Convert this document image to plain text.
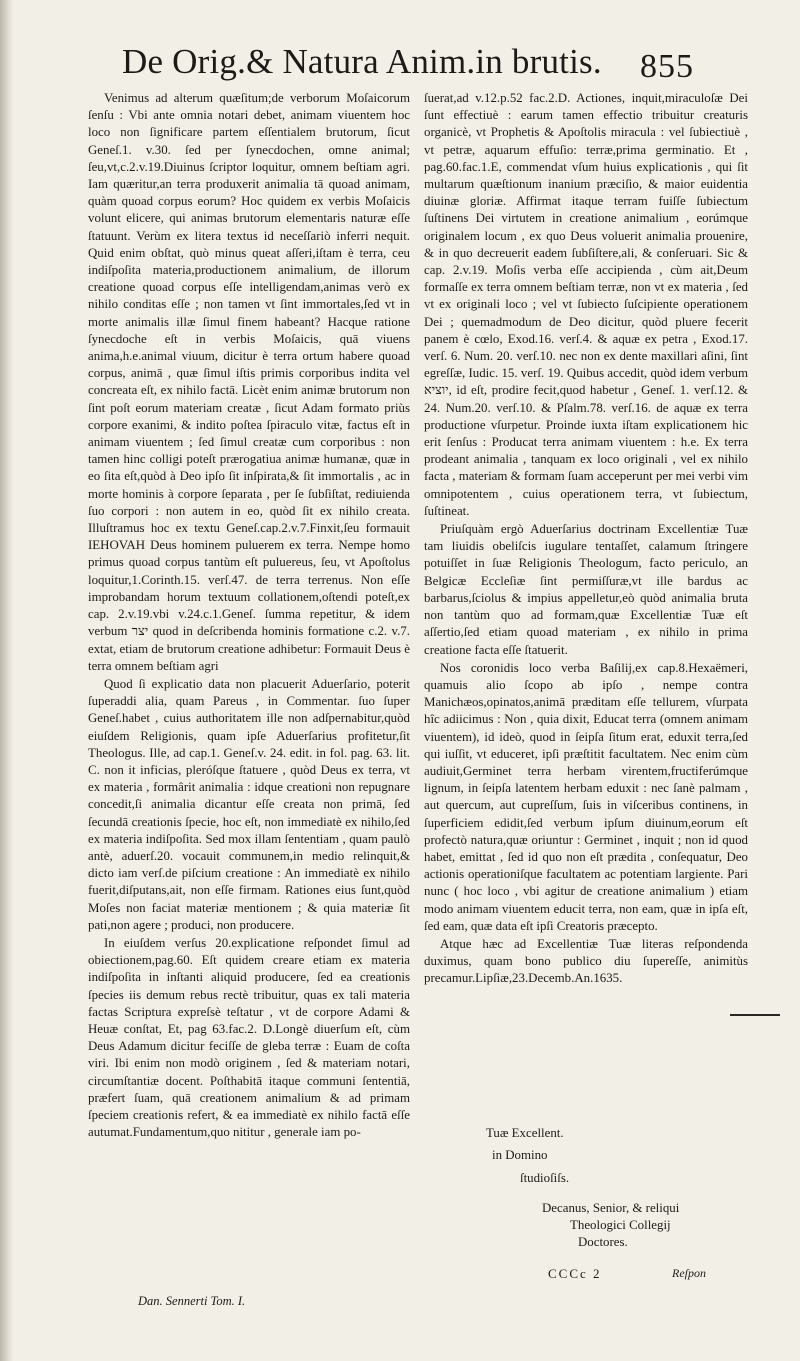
De Orig.& Natura Anim.in brutis. 855

Venimus ad alterum quæſitum;de verborum Moſaicorum ſenſu : Vbi ante omnia notari debet, animam viuentem hoc loco non ſignificare partem eſſentialem brutorum, ſicut Geneſ.1. v.30. ſed per ſynecdochen, omne animal; ſeu,vt,c.2.v.19.Diuinus ſcriptor loquitur, omnem beſtiam agri. Iam quæritur,an terra produxerit animalia tā quoad animam, quàm quoad corpus eorum? Hoc quidem ex verbis Moſaicis volunt elicere, qui animas brutorum elementaris naturæ eſſe ſtatuunt. Verùm ex litera textus id neceſſariò inferri nequit. Quid enim obſtat, quò minus queat aſſeri,iſtam è terra, ceu indiſpoſita materia,productionem animalium, de illorum creatione quoad corpus eſſe intelligendam,animas verò ex nihilo conditas eſſe ; non tamen vt ſint immortales,ſed vt in morte animalis illæ ſimul finem habeant? Hacque ratione ſynecdoche eſt in verbis Moſaicis, quā viuens anima,h.e.animal viuum, dicitur è terra ortum habere quoad corpus, animā , quæ ſimul iſtis primis corporibus indita vel concreata eſt, ex nihilo factā. Licèt enim animæ brutorum non ſint poſt eorum materiam creatæ , ſicut Adam formato priùs corpore exanimi, & indito poſtea ſpiraculo vitæ, factus eſt in animam viuentem ; ſed ſimul creatæ cum corporibus : non tamen hinc colligi poteſt prærogatiua animæ humanæ, quæ in eo ſita eſt,quòd à Deo ipſo ſit inſpirata,& ſit immortalis , ac in morte hominis à corpore ſeparata , per ſe ſubſiſtat, rediuienda ſuo corpori : non autem in eo, quòd ſit ex nihilo creata. Illuſtramus hoc ex textu Geneſ.cap.2.v.7.Finxit,ſeu formauit IEHOVAH Deus hominem puluerem ex terra. Nempe homo primus quoad corpus tantùm eſt puluereus, ſeu, vt Apoſtolus loquitur,1.Corinth.15. verſ.47. de terra terrenus. Non eſſe improbandam horum textuum collationem,oſtendi poteſt,ex cap. 2.v.19.vbi v.24.c.1.Geneſ. ſumma repetitur, & idem verbum יצר quod in deſcribenda hominis formatione c.2. v.7. extat, etiam de brutorum creatione adhibetur: Formauit Deus è terra omnem beſtiam agri

Quod ſi explicatio data non placuerit Aduerſario, poterit ſuperaddi alia, quam Pareus , in Commentar. ſuo ſuper Geneſ.habet , cuius authoritatem ille non adſpernabitur,quòd eiuſdem Religionis, quam ipſe Aduerſarius profitetur,ſit Theologus. Ille, ad cap.1. Geneſ.v. 24. edit. in fol. pag. 63. lit. C. non it inficias, pleróſque ſtatuere , quòd Deus ex terra, vt ex materia , formârit animalia : idque creationi non repugnare concedit,ſi animalia dicantur eſſe creata non primā, ſed ſecundā creationis ſpecie, hoc eſt, non immediatè ex nihilo,ſed ex materia indiſpoſita. Sed mox illam ſententiam , quam paulò antè, aduerſ.20. vocauit communem,in medio relinquit,& dicto iam verſ.de piſcium creatione : An immediatè ex nihilo fuerit,diſputans,ait, non eſſe firmam. Rationes eius ſunt,quòd Moſes non faciat materiæ mentionem ; & quia materiæ ſit pati,non agere ; produci, non producere.

In eiuſdem verſus 20.explicatione reſpondet ſimul ad obiectionem,pag.60. Eſt quidem creare etiam ex materia indiſpoſita in inſtanti aliquid producere, ſed ea creationis ſpecies iis demum rebus rectè tribuitur, quas ex tali materia factas Scriptura expreſsè teſtatur , vt de corpore Adami & Heuæ conſtat, Et, pag 63.fac.2. D.Longè diuerſum eſt, cùm Deus Adamum dicitur feciſſe de gleba terræ : Euam de coſta viri. Ibi enim non modò originem , ſed & materiam notari, circumſtantiæ docent. Poſthabitā itaque communi ſententiā, præfert ſuam, quā creationem animalium & ad primam ſpeciem creationis refert, & ea immediatè ex nihilo factā eſſe autumat.Fundamentum,quo nititur , generale iam po-

ſuerat,ad v.12.p.52 fac.2.D. Actiones, inquit,miraculoſæ Dei ſunt effectiuè : earum tamen effectio tribuitur creaturis organicè, vt Prophetis & Apoſtolis miracula : vel ſubiectiuè , vt petræ, aquarum effuſio: terræ,prima germinatio. Et , pag.60.fac.1.E, commendat vſum huius explicationis , qui ſit multarum quæſtionum inanium præciſio, & maior euidentia diuinæ gloriæ. Affirmat itaque terram fuiſſe ſubiectum ſuſtinens Dei virtutem in creatione animalium , eorúmque originalem locum , ex quo Deus voluerit animalia prouenire, & in quo decreuerit eadem ſubſiſtere,ali, & conſeruari. Sic & cap. 2.v.19. Moſis verba eſſe accipienda , cùm ait,Deum formaſſe ex terra omnem beſtiam terræ, non vt ex materia , ſed vt ex originali loco ; vel vt ſubiecto ſuſcipiente operationem Dei ; quemadmodum de Deo dicitur, quòd pluere fecerit panem è cœlo, Exod.16. verſ.4. & aquæ ex petra , Exod.17. verſ. 6. Num. 20. verſ.10. nec non ex dente maxillari aſini, ſint egreſſæ, Iudic. 15. verſ. 19. Quibus accedit, quòd idem verbum יוציא, id eſt, prodire fecit,quod habetur , Geneſ. 1. verſ.12. & 24. Num.20. verſ.10. & Pſalm.78. verſ.16. de aquæ ex terra productione vſurpetur. Proinde iuxta iſtam explicationem hic erit ſenſus : Producat terra animam viuentem : h.e. Ex terra prodeant animalia , tanquam ex loco originali , vel ex nihilo facta , materiam & formam ſuam acceperunt per mei verbi vim omnipotentem , cuius operationem terra, vt ſubiectum, ſuſtineat.

Priuſquàm ergò Aduerſarius doctrinam Excellentiæ Tuæ tam liuidis obeliſcis iugulare tentaſſet, calamum ſtringere potuiſſet in ſuæ Religionis Theologum, facto periculo, an Belgicæ Eccleſiæ ſint permiſſuræ,vt ille bardus ac barbarus,ſciolus & impius appelletur,eò quòd animalia bruta non tantùm quo ad formam,quæ Excellentiæ Tuæ eſt aſſertio,ſed etiam quoad materiam , ex nihilo in prima creatione facta eſſe ſtatuerit.

Nos coronidis loco verba Baſilij,ex cap.8.Hexaëmeri, quamuis alio ſcopo ab ipſo , nempe contra Manichæos,opinatos,animā præditam eſſe tellurem, vſurpata hîc adiicimus : Non , quia dixit, Educat terra (omnem animam viuentem), id ideò, quod in ſeipſa ſitum erat, eduxit terra,ſed qui iuſſit, vt educeret, ipſi præſtitit facultatem. Nec enim cùm audiuit,Germinet terra herbam virentem,fructiferúmque lignum, in ſeipſa latentem herbam eduxit : nec ſanè palmam , aut quercum, aut cupreſſum, ſuis in viſceribus continens, in ſuperficiem edidit,ſed verbum ipſum diuinum,eorum eſt profectò natura,quæ oriuntur : Germinet , inquit ; non id quod habet, emittat , ſed id quo non eſt prædita , conſequatur, Deo actionis operationiſque facultatem ac potentiam largiente. Pari nunc ( hoc loco , vbi agitur de creatione animalium ) etiam modo animam viuentem educit terra, non eam, quæ in ipſa eſt, ſed eam, quæ data eſt ipſi Creatoris præcepto.

Atque hæc ad Excellentiæ Tuæ literas reſpondenda duximus, quam bono publico diu ſupereſſe, animitùs precamur.Lipſiæ,23.Decemb.An.1635.

Tuæ Excellent.
in Domino
ſtudioſiſs.
Decanus, Senior, & reliqui
Theologici Collegij
Doctores.
CCCc 2	Reſpon
Dan. Sennerti Tom. I.
